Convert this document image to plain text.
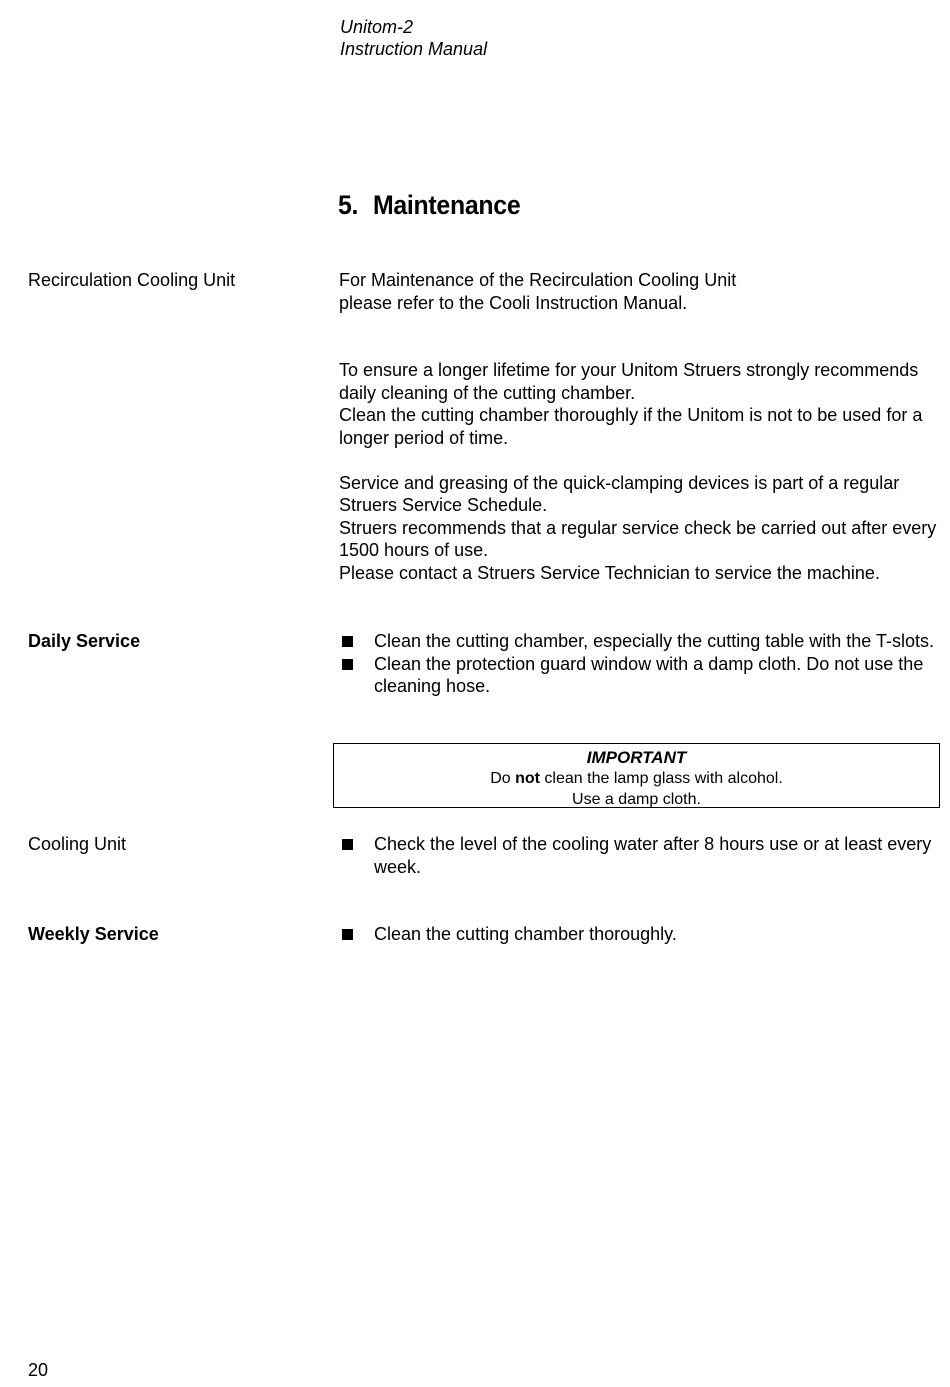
Unitom-2
Instruction Manual
5. Maintenance
Recirculation Cooling Unit	For Maintenance of the Recirculation Cooling Unit

please refer to the Cooli Instruction Manual.

To ensure a longer lifetime for your Unitom Struers strongly recommends daily cleaning of the cutting chamber.

Clean the cutting chamber thoroughly if the Unitom is not to be used for a longer period of time.

Service and greasing of the quick-clamping devices is part of a regular Struers Service Schedule.

Struers recommends that a regular service check be carried out after every 1500 hours of use.

Please contact a Struers Service Technician to service the machine.

Daily Service	Clean the cutting chamber, especially the cutting table with the T-slots.
Clean the protection guard window with a damp cloth. Do not use the cleaning hose.
IMPORTANT
Do not clean the lamp glass with alcohol.
Use a damp cloth.
Cooling Unit	Check the level of the cooling water after 8 hours use or at least every week.
Weekly Service	Clean the cutting chamber thoroughly.
20
